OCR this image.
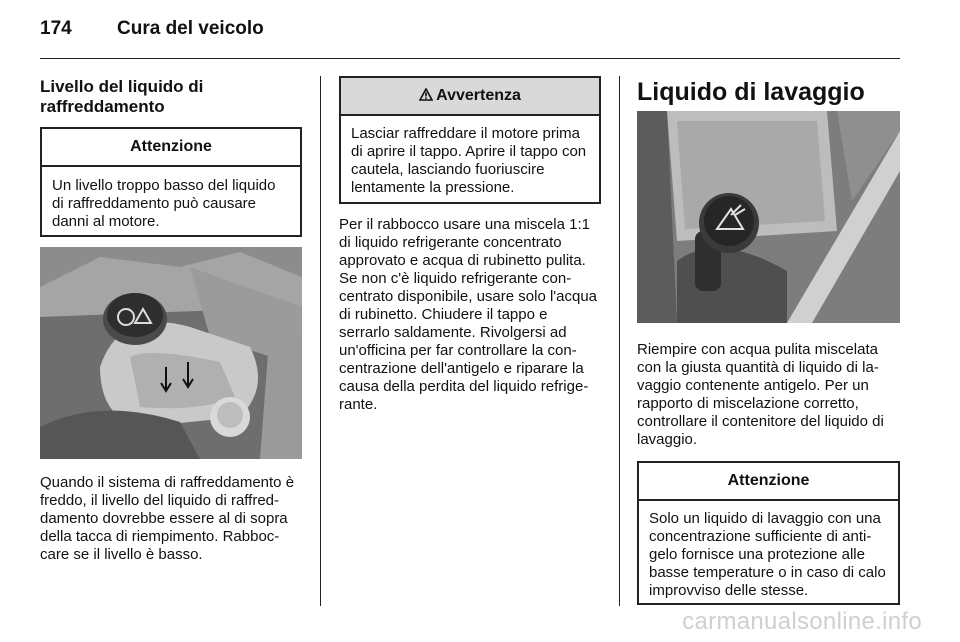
174 Cura del veicolo
Livello del liquido di raffreddamento
Attenzione
Un livello troppo basso del liquido di raffreddamento può causare danni al motore.

Quando il sistema di raffreddamento è freddo, il livello del liquido di raffreddamento dovrebbe essere al di sopra della tacca di riempimento. Rabboccare se il livello è basso.

Avvertenza
Lasciar raffreddare il motore prima di aprire il tappo. Aprire il tappo con cautela, lasciando fuoriuscire lentamente la pressione.

Per il rabbocco usare una miscela 1:1 di liquido refrigerante concentrato approvato e acqua di rubinetto pulita. Se non c'è liquido refrigerante concentrato disponibile, usare solo l'acqua di rubinetto. Chiudere il tappo e serrarlo saldamente. Rivolgersi ad un'officina per far controllare la concentrazione dell'antigelo e riparare la causa della perdita del liquido refrigerante.

Liquido di lavaggio

Riempire con acqua pulita miscelata con la giusta quantità di liquido di lavaggio contenente antigelo. Per un rapporto di miscelazione corretto, controllare il contenitore del liquido di lavaggio.

Attenzione
Solo un liquido di lavaggio con una concentrazione sufficiente di antigelo fornisce una protezione alle basse temperature o in caso di calo improvviso delle stesse.
carmanualsonline.info
